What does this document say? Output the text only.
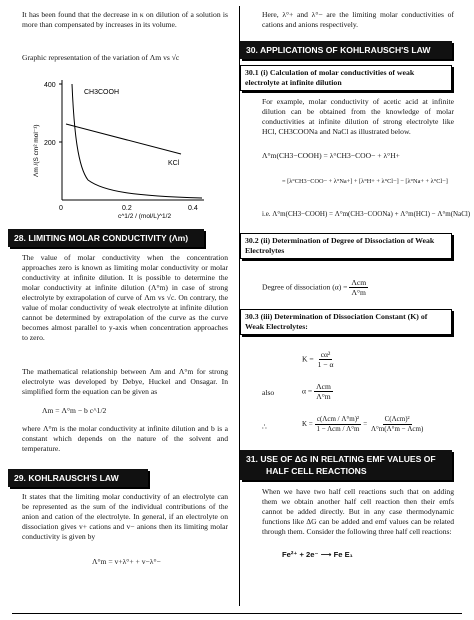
It has been found that the decrease in κ on dilution of a solution is more than compensated by increases in its volume.

Graphic representation of the variation of Λm vs √c

400
200
0	0.2	0.4
Λm /(S cm² mol⁻¹)
c^1/2 / (mol/L)^1/2
CH3COOH
KCl
28. LIMITING MOLAR CONDUCTIVITY (Λm)

The value of molar conductivity when the concentration approaches zero is known as limiting molar conductivity or molar conductivity at infinite dilution. It is possible to determine the molar conductivity at infinite dilution (Λ°m) in case of strong electrolyte by extrapolation of curve of Λm vs √c. On contrary, the value of molar conductivity of weak electrolyte at infinite dilution cannot be determined by extrapolation of the curve as the curve becomes almost parallel to y-axis when concentration approaches to zero.

The mathematical relationship between Λm and Λ°m for strong electrolyte was developed by Debye, Huckel and Onsagar. In simplified form the equation can be given as

Λm = Λ°m − b c^1/2

where Λ°m is the molar conductivity at infinite dilution and b is a constant which depends on the nature of the solvent and temperature.

29. KOHLRAUSCH'S LAW

It states that the limiting molar conductivity of an electrolyte can be represented as the sum of the individual contributions of the anion and cation of the electrolyte. In general, if an electrolyte on dissociation gives v+ cations and v− anions then its limiting molar conductivity is given by

Λ°m = v+λ°+ + v−λ°−

Here, λ°+ and λ°− are the limiting molar conductivities of cations and anions respectively.

30. APPLICATIONS OF KOHLRAUSCH'S LAW
30.1 (i) Calculation of molar conductivities of weak electrolyte at infinite dilution

For example, molar conductivity of acetic acid at infinite dilution can be obtained from the knowledge of molar conductivities at infinite dilution of strong electrolyte like HCl, CH3COONa and NaCl as illustrated below.

Λ°m(CH3−COOH) = λ°CH3−COO− + λ°H+
= [λ°CH3−COO− + λ°Na+] + [λ°H+ + λ°Cl−] − [λ°Na+ + λ°Cl−]
i.e. Λ°m(CH3−COOH) = Λ°m(CH3−COONa) + Λ°m(HCl) − Λ°m(NaCl)
30.2 (ii) Determination of Degree of Dissociation of Weak Electrolytes
Degree of dissociation $(\alpha) = \frac{\text{Λcm}}{\Lambda^\circ m}$
30.3 (iii) Determination of Dissociation Constant (K) of Weak Electrolytes:
$K = \frac{\text{cα²}}{1 - \alpha}$
also	$\alpha = \frac{\text{Λcm}}{\Lambda^\circ m}$
∴	$K = \frac{\text{c(Λcm / Λ°m)²}}{\text{1 − Λcm / Λ°m}} = \frac{\text{C(Λcm)²}}{\text{Λ°m(Λ°m − Λcm)}}$
31. USE OF ΔG IN RELATING EMF VALUES OF
HALF CELL REACTIONS

When we have two half cell reactions such that on adding them we obtain another half cell reaction then their emfs cannot be added directly. But in any case thermodynamic functions like ΔG can be added and emf values can be related through them. Consider the following three half cell reactions:

Fe²⁺ + 2e⁻ ⟶ Fe E₁
